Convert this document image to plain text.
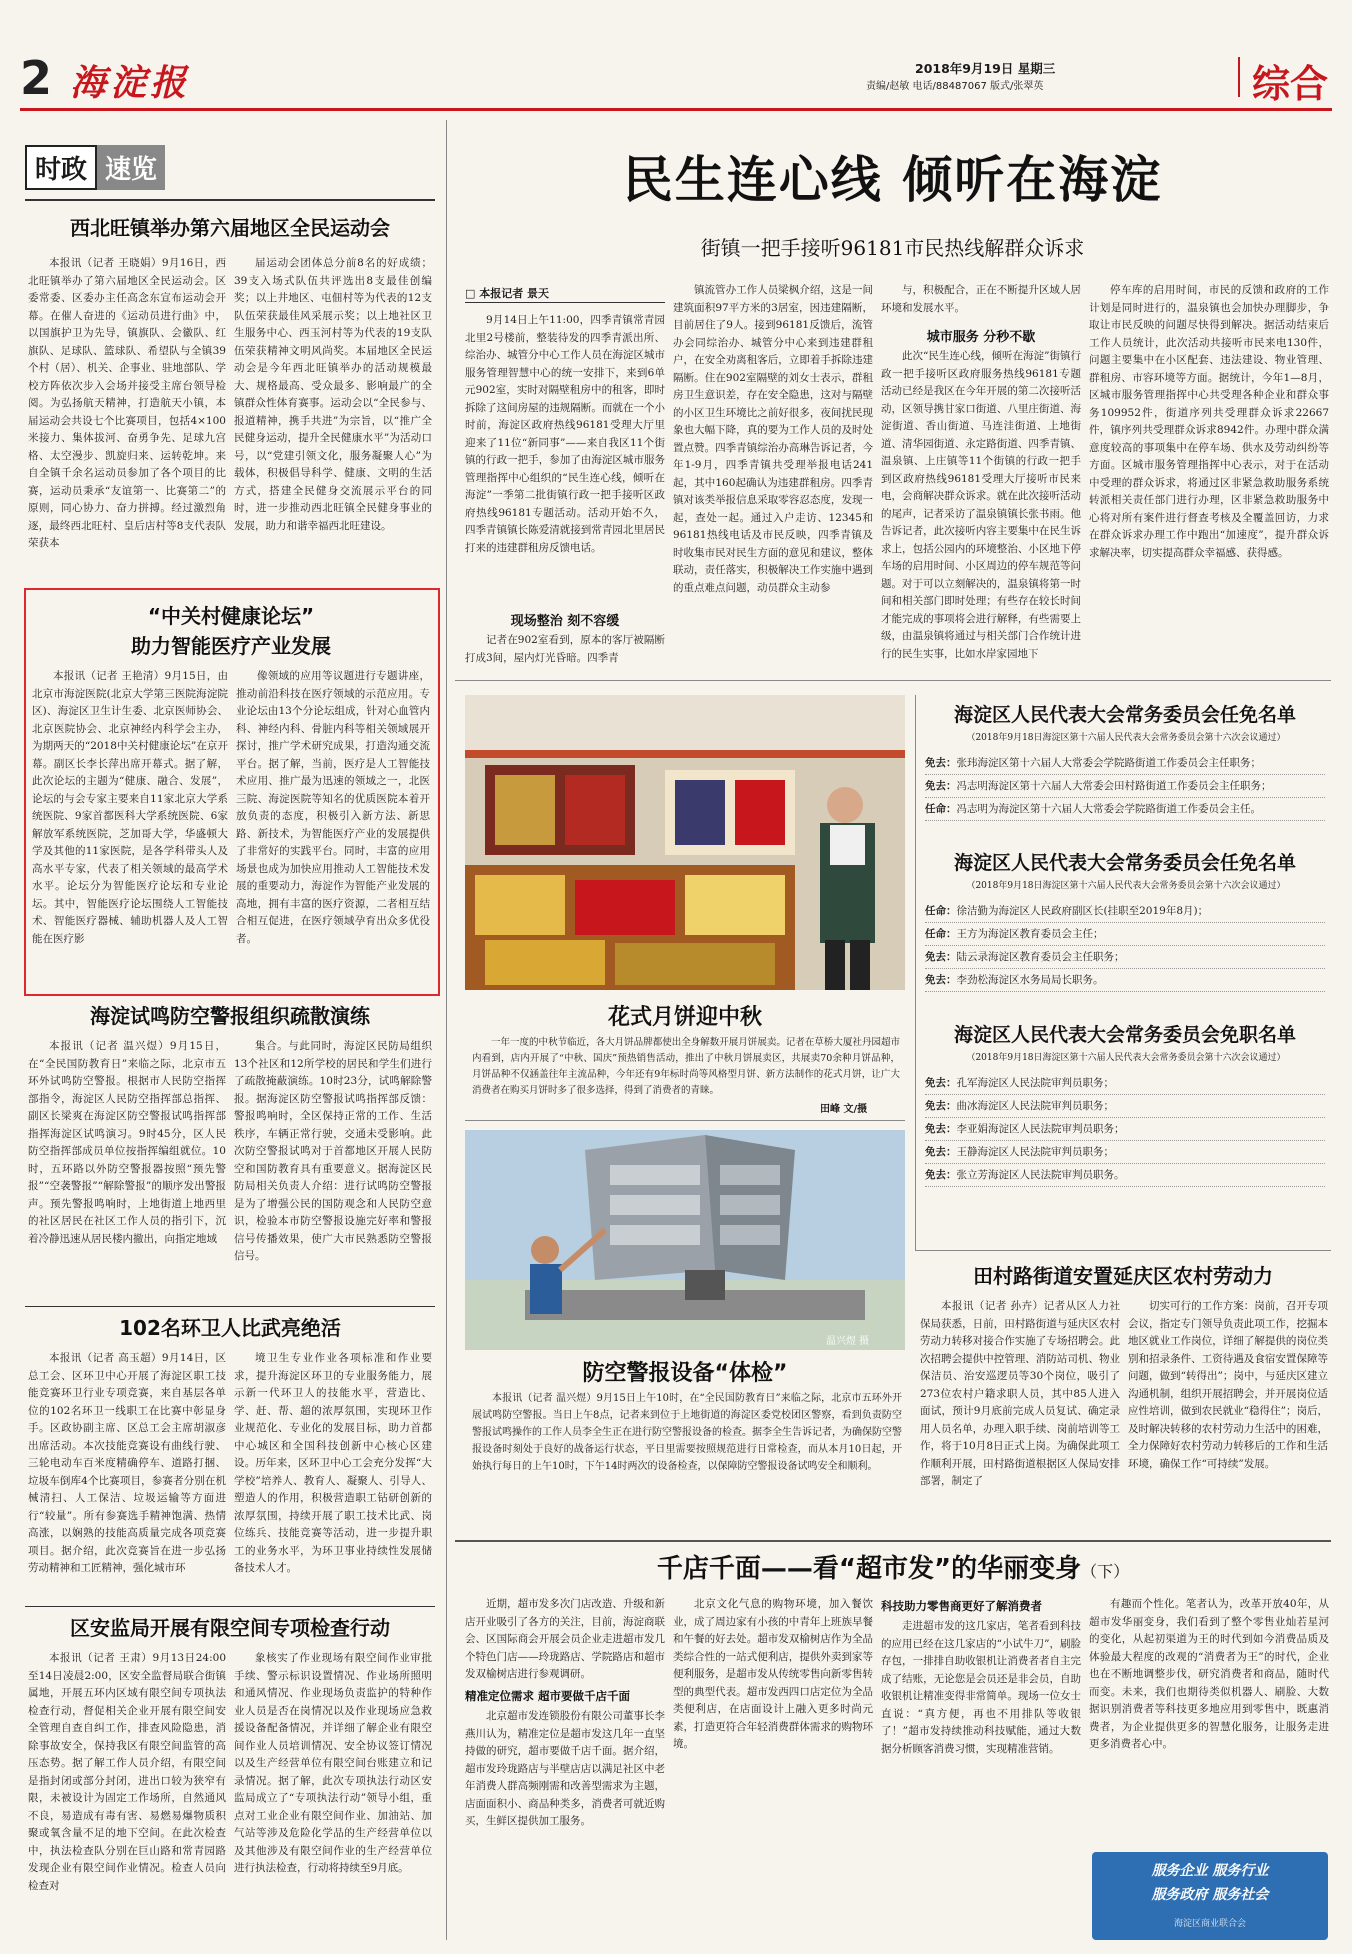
2 海淀报	2018年9月19日 星期三
责编/赵敏 电话/88487067 版式/张翠英	综合
时政 速览
西北旺镇举办第六届地区全民运动会

本报讯（记者 王晓娟）9月16日，西北旺镇举办了第六届地区全民运动会。区委常委、区委办主任高念东宣布运动会开幕。在催人奋进的《运动员进行曲》中，以国旗护卫为先导，镇旗队、会徽队、红旗队、足球队、篮球队、希望队与全镇39个村（居）、机关、企事业、驻地部队、学校方阵依次步入会场并接受主席台领导检阅。为弘扬航天精神，打造航天小镇，本届运动会共设七个比赛项目，包括4×100米接力、集体拔河、奋勇争先、足球九宫格、太空漫步、凯旋归来、运转乾坤。来自全镇千余名运动员参加了各个项目的比赛，运动员秉承“友谊第一、比赛第二”的原则，同心协力、奋力拼搏。经过激烈角逐，最终西北旺村、皇后店村等8支代表队荣获本

届运动会团体总分前8名的好成绩；39支入场式队伍共评选出8支最佳创编奖；以上井地区、屯佃村等为代表的12支队伍荣获最佳风采展示奖；以上地社区卫生服务中心、西玉河村等为代表的19支队伍荣获精神文明风尚奖。本届地区全民运动会是今年西北旺镇举办的活动规模最大、规格最高、受众最多、影响最广的全镇群众性体育赛事。运动会以“全民参与、报道精神，携手共进”为宗旨，以“推广全民健身运动，提升全民健康水平”为活动口号，以“党建引领文化，服务凝聚人心”为载体，积极倡导科学、健康、文明的生活方式，搭建全民健身交流展示平台的同时，进一步推动西北旺镇全民健身事业的发展，助力和谐幸福西北旺建设。

“中关村健康论坛”
助力智能医疗产业发展

本报讯（记者 王艳清）9月15日，由北京市海淀医院(北京大学第三医院海淀院区)、海淀区卫生计生委、北京医师协会、北京医院协会、北京神经内科学会主办，为期两天的“2018中关村健康论坛”在京开幕。副区长李长萍出席开幕式。据了解，此次论坛的主题为“健康、融合、发展”，论坛的与会专家主要来自11家北京大学系统医院、9家首都医科大学系统医院、6家解放军系统医院，芝加哥大学，华盛顿大学及其他的11家医院，是各学科带头人及高水平专家，代表了相关领域的最高学术水平。论坛分为智能医疗论坛和专业论坛。其中，智能医疗论坛围绕人工智能技术、智能医疗器械、辅助机器人及人工智能在医疗影

像领域的应用等议题进行专题讲座，推动前沿科技在医疗领域的示范应用。专业论坛由13个分论坛组成，针对心血管内科、神经内科、骨脏内科等相关领域展开探讨，推广学术研究成果，打造沟通交流平台。据了解，当前，医疗是人工智能技术应用、推广最为迅速的领域之一，北医三院、海淀医院等知名的优质医院本着开放负责的态度，积极引入新方法、新思路、新技术，为智能医疗产业的发展提供了非常好的实践平台。同时，丰富的应用场景也成为加快应用推动人工智能技术发展的重要动力，海淀作为智能产业发展的高地，拥有丰富的医疗资源，二者相互结合相互促进，在医疗领域孕育出众多优役者。

海淀试鸣防空警报组织疏散演练

本报讯（记者 温兴煜）9月15日，在“全民国防教育日”来临之际，北京市五环外试鸣防空警报。根据市人民防空指挥部指令，海淀区人民防空指挥部总指挥、副区长梁爽在海淀区防空警报试鸣指挥部指挥海淀区试鸣演习。9时45分，区人民防空指挥部成员单位按指挥编组就位。10时，五环路以外防空警报器按照“预先警报”“空袭警报”“解除警报”的顺序发出警报声。预先警报鸣响时，上地街道上地西里的社区居民在社区工作人员的指引下，沉着冷静迅速从居民楼内撤出，向指定地域

集合。与此同时，海淀区民防局组织13个社区和12所学校的居民和学生们进行了疏散掩蔽演练。10时23分，试鸣解除警报。据海淀区防空警报试鸣指挥部反馈：警报鸣响时，全区保持正常的工作、生活秩序，车辆正常行驶，交通未受影响。此次防空警报试鸣对于首都地区开展人民防空和国防教育具有重要意义。据海淀区民防局相关负责人介绍：进行试鸣防空警报是为了增强公民的国防观念和人民防空意识，检验本市防空警报设施完好率和警报信号传播效果，使广大市民熟悉防空警报信号。

102名环卫人比武亮绝活

本报讯（记者 高玉超）9月14日，区总工会、区环卫中心开展了海淀区职工技能竞赛环卫行业专项竞赛，来自基层各单位的102名环卫一线职工在比赛中彰显身手。区政协副主席、区总工会主席胡淑彦出席活动。本次技能竞赛设有曲线行驶、三轮电动车百米度精确停车、道路打捆、垃圾车倒库4个比赛项目，参赛者分别在机械清扫、人工保洁、垃圾运输等方面进行“较量”。所有参赛选手精神饱满、热情高涨，以娴熟的技能高质量完成各项竞赛项目。据介绍，此次竞赛旨在进一步弘扬劳动精神和工匠精神，强化城市环

境卫生专业作业各项标准和作业要求，提升海淀区环卫的专业服务能力，展示新一代环卫人的技能水平，营造比、学、赶、帮、超的浓厚氛围，实现环卫作业规范化、专业化的发展目标，助力首都中心城区和全国科技创新中心核心区建设。历年来，区环卫中心工会充分发挥“大学校”培养人、教育人、凝聚人、引导人、塑造人的作用，积极营造职工钻研创新的浓厚氛围，持续开展了职工技术比武、岗位练兵、技能竞赛等活动，进一步提升职工的业务水平，为环卫事业持续性发展储备技术人才。

区安监局开展有限空间专项检查行动

本报讯（记者 王肃）9月13日24:00至14日凌晨2:00，区安全监督局联合街镇属地，开展五环内区域有限空间专项执法检查行动，督促相关企业开展有限空间安全管理自查自纠工作，排查风险隐患，消除事故安全，保持我区有限空间监管的高压态势。据了解工作人员介绍，有限空间是指封闭或部分封闭，进出口较为狭窄有限，未被设计为固定工作场所，自然通风不良，易造成有毒有害、易燃易爆物质积聚或氧含量不足的地下空间。在此次检查中，执法检查队分别在巨山路和常青园路发现企业有限空间作业情况。检查人员向检查对

象核实了作业现场有限空间作业审批手续、警示标识设置情况、作业场所照明和通风情况、作业现场负责监护的特种作业人员是否在岗情况以及作业现场应急救援设备配备情况，并详细了解企业有限空间作业人员培训情况、安全协议签订情况以及生产经营单位有限空间台账建立和记录情况。据了解，此次专项执法行动区安监局成立了“专项执法行动”领导小组，重点对工业企业有限空间作业、加油站、加气站等涉及危险化学品的生产经营单位以及其他涉及有限空间作业的生产经营单位进行执法检查，行动将持续至9月底。

民生连心线 倾听在海淀
街镇一把手接听96181市民热线解群众诉求
□ 本报记者 景天

9月14日上午11:00，四季青镇常青园北里2号楼前，整装待发的四季青派出所、综治办、城管分中心工作人员在海淀区城市服务管理智慧中心的统一安排下，来到6单元902室，实时对隔壁租房中的租客，即时拆除了这间房屋的违规隔断。而就在一个小时前，海淀区政府热线96181受理大厅里迎来了11位“新同事”——来自我区11个街镇的行政一把手，参加了由海淀区城市服务管理指挥中心组织的“民生连心线，倾听在海淀”一季第二批街镇行政一把手接听区政府热线96181专题活动。活动开始不久，四季青镇镇长陈爱清就接到常青园北里居民打来的违建群租房反馈电话。

现场整治 刻不容缓

记者在902室看到，原本的客厅被隔断打成3间，屋内灯光昏暗。四季青

镇流管办工作人员梁枫介绍，这是一间建筑面积97平方米的3居室，因违建隔断，目前居住了9人。接到96181反馈后，流管办会同综治办、城管分中心来到违建群租户，在安全劝离租客后，立即着手拆除违建隔断。住在902室隔壁的刘女士表示，群租房卫生意识差，存在安全隐患，这对与隔壁的小区卫生环境比之前好很多，夜间扰民现象也大幅下降，真的要为工作人员的及时处置点赞。四季青镇综治办高琳告诉记者，今年1-9月，四季青镇共受理举报电话241起，其中160起确认为违建群租房。四季青镇对该类举报信息采取零容忍态度，发现一起，查处一起。通过入户走访、12345和96181热线电话及市民反映，四季青镇及时收集市民对民生方面的意见和建议，整体联动，责任落实，积极解决工作实施中遇到的重点难点问题，动员群众主动参

与，积极配合，正在不断提升区域人居环境和发展水平。

城市服务 分秒不歇

此次“民生连心线，倾听在海淀”街镇行政一把手接听区政府服务热线96181专题活动已经是我区在今年开展的第二次接听活动，区领导携甘家口街道、八里庄街道、海淀街道、香山街道、马连洼街道、上地街道、清华园街道、永定路街道、四季青镇、温泉镇、上庄镇等11个街镇的行政一把手到区政府热线96181受理大厅接听市民来电，会商解决群众诉求。就在此次接听活动的尾声，记者采访了温泉镇镇长张书雨。他告诉记者，此次接听内容主要集中在民生诉求上，包括公园内的环境整治、小区地下停车场的启用时间、小区周边的停车规范等问题。对于可以立刻解决的，温泉镇将第一时间和相关部门即时处理；有些存在较长时间才能完成的事项将会进行解释，有些需要上级，由温泉镇将通过与相关部门合作统计进行的民生实事，比如水岸家园地下

停车库的启用时间，市民的反馈和政府的工作计划是同时进行的，温泉镇也会加快办理脚步，争取让市民反映的问题尽快得到解决。据活动结束后工作人员统计，此次活动共接听市民来电130件，问题主要集中在小区配套、违法建设、物业管理、群租房、市容环境等方面。据统计，今年1—8月，区城市服务管理指挥中心共受理各种企业和群众事务109952件，街道序列共受理群众诉求22667件，镇序列共受理群众诉求8942件。办理中群众满意度较高的事项集中在停车场、供水及劳动纠纷等方面。区城市服务管理指挥中心表示，对于在活动中受理的群众诉求，将通过区非紧急救助服务系统转派相关责任部门进行办理，区非紧急救助服务中心将对所有案件进行督查考核及全覆盖回访，力求在群众诉求办理工作中跑出“加速度”，提升群众诉求解决率，切实提高群众幸福感、获得感。

花式月饼迎中秋
一年一度的中秋节临近，各大月饼品牌都使出全身解数开展月饼展卖。记者在草桥大厦社丹园超市内看到，店内开展了“中秋、国庆”预热销售活动，推出了中秋月饼展卖区，共展卖70余种月饼品种，月饼品种不仅涵盖往年主流品种，今年还有9年标时尚等风格型月饼、新方法制作的花式月饼，让广大消费者在购买月饼时多了很多选择，得到了消费者的青睐。
田峰 文/摄
温兴煜 摄
防空警报设备“体检”
本报讯（记者 温兴煜）9月15日上午10时，在“全民国防教育日”来临之际，北京市五环外开展试鸣防空警报。当日上午8点，记者来到位于上地街道的海淀区委党校团区警察，看到负责防空警报试鸣操作的工作人员李全生正在进行防空警报设备的检查。据李全生告诉记者，为确保防空警报设备时刻处于良好的战备运行状态，平日里需要按照规范进行日常检查，而从本月10日起，开始执行每日的上午10时，下午14时两次的设备检查，以保障防空警报设备试鸣安全和顺利。
海淀区人民代表大会常务委员会任免名单
（2018年9月18日海淀区第十六届人民代表大会常务委员会第十六次会议通过）
免去：张玮海淀区第十六届人大常委会学院路街道工作委员会主任职务；
免去：冯志明海淀区第十六届人大常委会田村路街道工作委员会主任职务；
任命：冯志明为海淀区第十六届人大常委会学院路街道工作委员会主任。
海淀区人民代表大会常务委员会任免名单
（2018年9月18日海淀区第十六届人民代表大会常务委员会第十六次会议通过）
任命：徐洁勤为海淀区人民政府副区长(挂职至2019年8月)；
任命：王方为海淀区教育委员会主任；
免去：陆云录海淀区教育委员会主任职务；
免去：李劲松海淀区水务局局长职务。
海淀区人民代表大会常务委员会免职名单
（2018年9月18日海淀区第十六届人民代表大会常务委员会第十六次会议通过）
免去：孔军海淀区人民法院审判员职务；
免去：曲冰海淀区人民法院审判员职务；
免去：李亚娟海淀区人民法院审判员职务；
免去：王静海淀区人民法院审判员职务；
免去：张立芳海淀区人民法院审判员职务。
田村路街道安置延庆区农村劳动力

本报讯（记者 孙卉）记者从区人力社保局获悉，日前，田村路街道与延庆区农村劳动力转移对接合作实施了专场招聘会。此次招聘会提供中控管理、消防站司机、物业保洁员、治安巡逻员等30个岗位，吸引了273位农村户籍求职人员，其中85人进入面试，预计9月底前完成人员复试、确定录用人员名单，办理入职手续、岗前培训等工作，将于10月8日正式上岗。为确保此项工作顺利开展，田村路街道根据区人保局安排部署，制定了

切实可行的工作方案：岗前，召开专项会议，指定专门领导负责此项工作，挖掘本地区就业工作岗位，详细了解提供的岗位类别和招录条件、工资待遇及食宿安置保障等问题，做到“转得出”；岗中，与延庆区建立沟通机制，组织开展招聘会，并开展岗位适应性培训，做到农民就业“稳得住”；岗后，及时解决转移的农村劳动力生活中的困难，全力保障好农村劳动力转移后的工作和生活环境，确保工作“可持续”发展。

千店千面——看“超市发”的华丽变身（下）

近期，超市发多次门店改造、升级和新店开业吸引了各方的关注，目前，海淀商联会、区国际商会开展会员企业走进超市发几个特色门店——玲珑路店、学院路店和超市发双榆树店进行参观调研。

精准定位需求 超市要做千店千面

北京超市发连锁股份有限公司董事长李燕川认为，精准定位是超市发这几年一直坚持做的研究，超市要做千店千面。据介绍，超市发玲珑路店与半壁店店以满足社区中老年消费人群高频刚需和改善型需求为主题，店面面积小、商品种类多，消费者可就近购买，生鲜区提供加工服务。

北京文化气息的购物环境，加入餐饮业，成了周边家有小孩的中青年上班族早餐和午餐的好去处。超市发双榆树店作为全品类综合性的一站式便利店，提供外卖到家等便利服务，是超市发从传统零售向新零售转型的典型代表。超市发西四口店定位为全品类便利店，在店面设计上融入更多时尚元素，打造更符合年轻消费群体需求的购物环境。

科技助力零售商更好了解消费者

走进超市发的这几家店，笔者看到科技的应用已经在这几家店的“小试牛刀”，刷脸存包，一排排自助收银机让消费者者自主完成了结账，无论您是会员还是非会员，自助收银机让精准变得非常简单。现场一位女士直说：“真方便，再也不用排队等收银了！”超市发持续推动科技赋能，通过大数据分析顾客消费习惯，实现精准营销。

有趣而个性化。笔者认为，改革开放40年，从超市发华丽变身，我们看到了整个零售业灿若星河的变化，从起初渠道为王的时代到如今消费品质及体验最大程度的改观的“消费者为王”的时代，企业也在不断地调整步伐，研究消费者和商品，随时代而变。未来，我们也期待类似机器人、刷脸、大数据识别消费者等科技更多地应用到零售中，既惠消费者，为企业提供更多的智慧化服务，让服务走进更多消费者心中。

服务企业 服务行业
服务政府 服务社会
海淀区商业联合会
